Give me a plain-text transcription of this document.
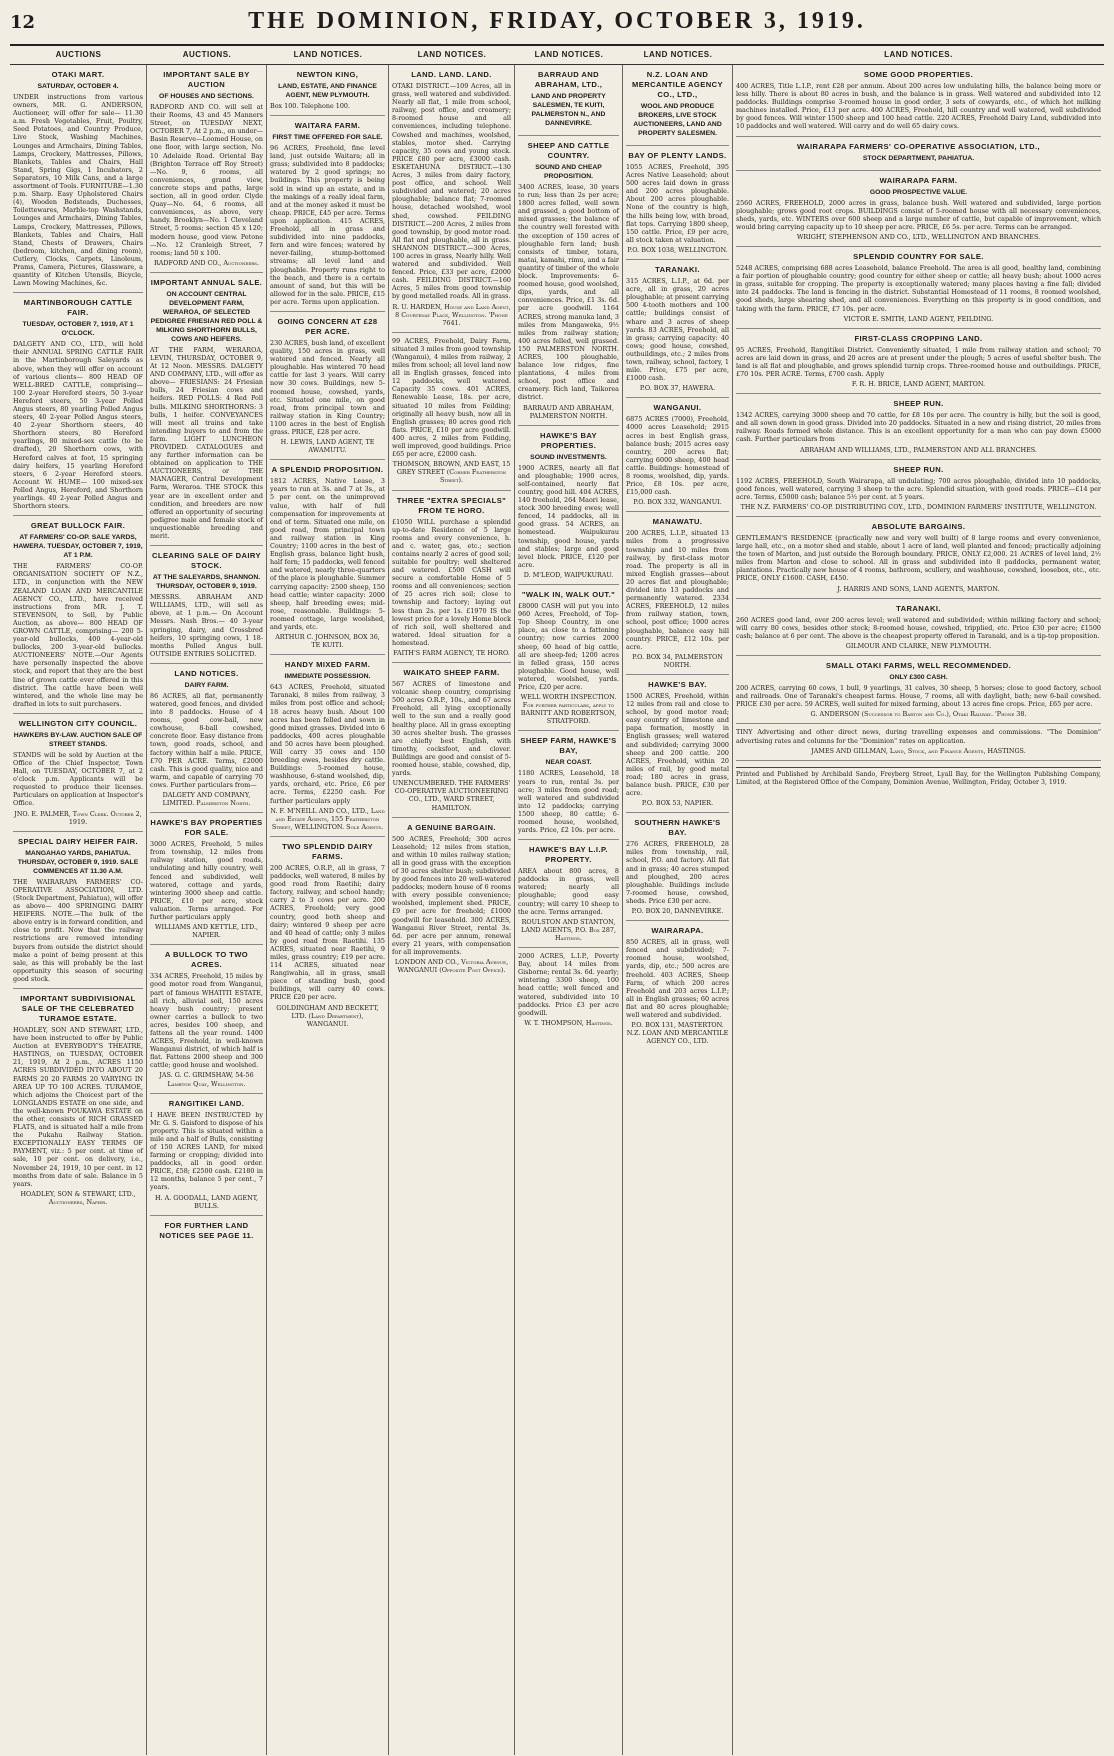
12	THE DOMINION, FRIDAY, OCTOBER 3, 1919.
AUCTIONS	AUCTIONS.	LAND NOTICES.	LAND NOTICES.	LAND NOTICES.	LAND NOTICES.	LAND NOTICES.
OTAKI MART.
SATURDAY, OCTOBER 4.

UNDER instructions from various owners, MR. G. ANDERSON, Auctioneer, will offer for sale— 11.30 a.m. Fresh Vegetables, Fruit, Poultry, Seed Potatoes, and Country Produce, Live Stock, Washing Machines, Lounges and Armchairs, Dining Tables, Lamps, Crockery, Mattresses, Pillows, Blankets, Tables and Chairs, Hall Stand, Spring Gigs, 1 Incubators, 2 Separators, 10 Milk Cans, and a large assortment of Tools. FURNITURE—1.30 p.m. Sharp. Easy Upholstered Chairs (4), Wooden Bedsteads, Duchesses, Toilettewares, Marble-top Washstands, Lounges and Armchairs, Dining Tables, Lamps, Crockery, Mattresses, Pillows, Blankets, Tables and Chairs, Hall Stand, Chests of Drawers, Chairs (bedroom, kitchen, and dining room), Cutlery, Clocks, Carpets, Linoleum, Prams, Camera, Pictures, Glassware, a quantity of Kitchen Utensils, Bicycle, Lawn Mowing Machines, &c.

MARTINBOROUGH CATTLE FAIR.
TUESDAY, OCTOBER 7, 1919, AT 1 O'CLOCK.

DALGETY AND CO., LTD., will hold their ANNUAL SPRING CATTLE FAIR in the Martinborough Saleyards as above, when they will offer on account of various clients— 800 HEAD OF WELL-BRED CATTLE, comprising— 100 2-year Hereford steers, 50 3-year Hereford steers, 50 3-year Polled Angus steers, 80 yearling Polled Angus steers, 40 2-year Polled Angus steers, 40 2-year Shorthorn steers, 40 Shorthorn steers, 80 Hereford yearlings, 80 mixed-sex cattle (to be drafted), 20 Shorthorn cows, with Hereford calves at foot, 15 springing dairy heifers, 15 yearling Hereford steers, 6 2-year Hereford steers. Account W. HUME— 100 mixed-sex Polled Angus, Hereford, and Shorthorn yearlings. 40 2-year Polled Angus and Shorthorn steers.

GREAT BULLOCK FAIR.
AT FARMERS' CO-OP. SALE YARDS, HAWERA. TUESDAY, OCTOBER 7, 1919, AT 1 P.M.

THE FARMERS' CO-OP. ORGANISATION SOCIETY OF N.Z., LTD., in conjunction with the NEW ZEALAND LOAN AND MERCANTILE AGENCY CO., LTD., have received instructions from MR. J. T. STEVENSON, to Sell, by Public Auction, as above— 800 HEAD OF GROWN CATTLE, comprising— 200 5-year-old bullocks, 400 4-year-old bullocks, 200 3-year-old bullocks. AUCTIONEERS' NOTE.—Our Agents have personally inspected the above stock, and report that they are the best line of grown cattle ever offered in this district. The cattle have been well wintered, and the whole line may be drafted in lots to suit purchasers.

WELLINGTON CITY COUNCIL.
HAWKERS BY-LAW. AUCTION SALE OF STREET STANDS.

STANDS will be sold by Auction at the Office of the Chief Inspector, Town Hall, on TUESDAY, OCTOBER 7, at 2 o'clock p.m. Applicants will be requested to produce their licenses. Particulars on application at Inspector's Office.

JNO. E. PALMER, Town Clerk. October 2, 1919.
SPECIAL DAIRY HEIFER FAIR.
MANGAHAO YARDS, PAHIATUA. THURSDAY, OCTOBER 9, 1919. SALE COMMENCES AT 11.30 A.M.

THE WAIRARAPA FARMERS' CO-OPERATIVE ASSOCIATION, LTD. (Stock Department, Pahiatua), will offer as above— 400 SPRINGING DAIRY HEIFERS. NOTE.—The bulk of the above entry is in forward condition, and close to profit. Now that the railway restrictions are removed intending buyers from outside the district should make a point of being present at this sale, as this will probably be the last opportunity this season of securing good stock.

IMPORTANT SUBDIVISIONAL SALE OF THE CELEBRATED TURAMOE ESTATE.

HOADLEY, SON AND STEWART, LTD., have been instructed to offer by Public Auction at EVERYBODY'S THEATRE, HASTINGS, on TUESDAY, OCTOBER 21, 1919, At 2 p.m., ACRES 1150 ACRES SUBDIVIDED INTO ABOUT 20 FARMS 20 20 FARMS 20 VARYING IN AREA UP TO 100 ACRES. TURAMOE, which adjoins the Choicest part of the LONGLANDS ESTATE on one side, and the well-known POUKAWA ESTATE on the other, consists of RICH GRASSED FLATS, and is situated half a mile from the Pukahu Railway Station. EXCEPTIONALLY EASY TERMS OF PAYMENT, viz.: 5 per cent. at time of sale, 10 per cent. on delivery, i.e., November 24, 1919, 10 per cent. in 12 months from date of sale. Balance in 5 years.

HOADLEY, SON & STEWART, LTD., Auctioneers, Napier.
IMPORTANT SALE BY AUCTION
OF HOUSES AND SECTIONS.

RADFORD AND CO. will sell at their Rooms, 43 and 45 Manners Street, on TUESDAY NEXT, OCTOBER 7, At 2 p.m., on under— Basin Reserve—Loomed House, on one floor, with large section, No. 10 Adelaide Road. Oriental Bay (Brighton Terrace off Roy Street)—No. 9, 6 rooms, all conveniences, grand view, concrete steps and paths, large section, all in good order. Clyde Quay—No. 64, 6 rooms, all conveniences, as above, very handy. Brooklyn—No. 1 Cleveland Street, 5 rooms; section 45 x 120; modern house, good view. Petone—No. 12 Cranleigh Street, 7 rooms; land 50 x 100.

RADFORD AND CO., Auctioneers.
IMPORTANT ANNUAL SALE.
ON ACCOUNT CENTRAL DEVELOPMENT FARM, WERAROA, OF SELECTED PEDIGREE FRIESIAN RED POLL & MILKING SHORTHORN BULLS, COWS AND HEIFERS.

AT THE FARM, WERAROA, LEVIN, THURSDAY, OCTOBER 9, At 12 Noon. MESSRS. DALGETY AND COMPANY, LTD., will offer as above— FRIESIANS: 24 Friesian bulls, 24 Friesian cows and heifers. RED POLLS: 4 Red Poll bulls. MILKING SHORTHORNS: 3 bulls, 1 heifer. CONVEYANCES will meet all trains and take intending buyers to and from the farm. LIGHT LUNCHEON PROVIDED. CATALOGUES and any further information can be obtained on application to THE AUCTIONEERS, or THE MANAGER, Central Development Farm, Weraroa. THE STOCK this year are in excellent order and condition, and breeders are now offered an opportunity of securing pedigree male and female stock of unquestionable breeding and merit.

CLEARING SALE OF DAIRY STOCK.
AT THE SALEYARDS, SHANNON. THURSDAY, OCTOBER 9, 1919.

MESSRS. ABRAHAM AND WILLIAMS, LTD., will sell as above, at 1 p.m.— On Account Messrs. Nash Bros.— 40 3-year springing, dairy, and Crossbred heifers, 10 springing cows, 1 18-months Polled Angus bull. OUTSIDE ENTRIES SOLICITED.

LAND NOTICES.
DAIRY FARM.

86 ACRES, all flat, permanently watered, good fences, and divided into 8 paddocks. House of 4 rooms, good cow-bail, new cowhouse, 8-ball cowshed, concrete floor. Easy distance from town, good roads, school, and factory within half a mile. PRICE, £70 PER ACRE. Terms, £2000 cash. This is good quality, nice and warm, and capable of carrying 70 cows. Further particulars from—

DALGETY AND COMPANY, LIMITED. Palmerston North.
HAWKE'S BAY PROPERTIES FOR SALE.

3000 ACRES, Freehold, 5 miles from township, 12 miles from railway station, good roads, undulating and hilly country, well fenced and subdivided, well watered, cottage and yards, wintering 3000 sheep and cattle. PRICE, £10 per acre, stock valuation. Terms arranged. For further particulars apply

WILLIAMS AND KETTLE, LTD., NAPIER.
A BULLOCK TO TWO ACRES.

334 ACRES, Freehold, 15 miles by good motor road from Wanganui, part of famous WHATITI ESTATE, all rich, alluvial soil, 150 acres heavy bush country; present owner carries a bullock to two acres, besides 100 sheep, and fattens all the year round. 1400 ACRES, Freehold, in well-known Wanganui district, of which half is flat. Fattens 2000 sheep and 300 cattle; good house and woolshed.

JAS. G. C. GRIMSHAW, 54-56 Lambton Quay, Wellington.
RANGITIKEI LAND.

I HAVE BEEN INSTRUCTED by Mr. G. S. Gaisford to dispose of his property. This is situated within a mile and a half of Bulls, consisting of 150 ACRES LAND, for mixed farming or cropping; divided into paddocks, all in good order. PRICE, £58; £2500 cash. £2180 in 12 months, balance 5 per cent., 7 years.

H. A. GOODALL, LAND AGENT, BULLS.
FOR FURTHER LAND NOTICES SEE PAGE 11.
NEWTON KING,
LAND, ESTATE, AND FINANCE AGENT, NEW PLYMOUTH.

Box 100. Telephone 100.

WAITARA FARM.
FIRST TIME OFFERED FOR SALE.

96 ACRES, Freehold, fine level land, just outside Waitara; all in grass; subdivided into 8 paddocks; watered by 2 good springs; no buildings. This property is being sold in wind up an estate, and in the makings of a really ideal farm, and at the money asked it must be cheap. PRICE, £45 per acre. Terms upon application. 415 ACRES, Freehold, all in grass and subdivided into nine paddocks, fern and wire fences; watered by never-failing, stump-bottomed streams; all level land and ploughable. Property runs right to the beach, and there is a certain amount of sand, but this will be allowed for in the sale. PRICE, £15 per acre. Terms upon application.

GOING CONCERN AT £28 PER ACRE.

230 ACRES, bush land, of excellent quality, 150 acres in grass, well watered and fenced. Nearly all ploughable. Has wintered 70 head cattle for last 3 years. Will carry now 30 cows. Buildings, new 5-roomed house, cowshed, yards, etc. Situated one mile, on good road, from principal town and railway station in King Country; 1100 acres in the best of English grass. PRICE, £28 per acre.

H. LEWIS, LAND AGENT, TE AWAMUTU.
A SPLENDID PROPOSITION.

1812 ACRES, Native Lease, 3 years to run at 3s. and 7 at 3s., at 5 per cent. on the unimproved value, with half of full compensation for improvements at end of term. Situated one mile, on good road, from principal town and railway station in King Country; 1100 acres in the best of English grass, balance light bush, half fern; 15 paddocks, well fenced and watered, nearly three-quarters of the place is ploughable. Summer carrying capacity: 2500 sheep, 150 head cattle; winter capacity: 2000 sheep, half breeding ewes; mid-rose, reasonable. Buildings: 5-roomed cottage, large woolshed, and yards, etc.

ARTHUR C. JOHNSON, BOX 36, TE KUITI.
HANDY MIXED FARM.
IMMEDIATE POSSESSION.

643 ACRES, Freehold, situated Taranaki, 8 miles from railway, 3 miles from post office and school; 18 acres heavy bush. About 100 acres has been felled and sown in good mixed grasses. Divided into 6 paddocks, 400 acres ploughable and 50 acres have been ploughed. Will carry 35 cows and 150 breeding ewes, besides dry cattle. Buildings: 5-roomed house, washhouse, 6-stand woolshed, dip, yards, orchard, etc. Price, £6 per acre. Terms, £2250 cash. For further particulars apply

N. F. M'NEILL AND CO., LTD., Land and Estate Agents, 155 Featherston Street, WELLINGTON. Sole Agents.
TWO SPLENDID DAIRY FARMS.

200 ACRES, O.R.P., all in grass, 7 paddocks, well watered, 8 miles by good road from Raetihi; dairy factory, railway, and school handy; carry 2 to 3 cows per acre. 200 ACRES, Freehold; very good country, good both sheep and dairy; wintered 9 sheep per acre and 40 head of cattle; only 3 miles by good road from Raetihi. 135 ACRES, situated near Raetihi, 9 miles, grass country; £19 per acre. 114 ACRES, situated near Rangiwahia, all in grass, small piece of standing bush, good buildings, will carry 40 cows. PRICE £20 per acre.

GOLDINGHAM AND BECKETT, LTD. (Land Department), WANGANUI.
LAND. LAND. LAND.

OTAKI DISTRICT.—109 Acres, all in grass, well watered and subdivided. Nearly all flat, 1 mile from school, railway, post office, and creamery; 8-roomed house and all conveniences, including telephone. Cowshed and machines, woolshed, stables, motor shed. Carrying capacity, 35 cows and young stock. PRICE £80 per acre, £3000 cash. ESKETAHUNA DISTRICT.—130 Acres, 3 miles from dairy factory, post office, and school. Well subdivided and watered; 20 acres ploughable; balance flat; 7-roomed house, detached woolshed, wool shed, cowshed. FEILDING DISTRICT.—200 Acres, 2 miles from good township, by good motor road. All flat and ploughable, all in grass. SHANNON DISTRICT.—300 Acres, 100 acres in grass, Nearly hilly. Well watered and subdivided. Well fenced. Price, £33 per acre, £2000 cash. FEILDING DISTRICT.—160 Acres, 5 miles from good township by good metalled roads. All in grass.

R. U. HARDEN, House and Land Agent, 8 Courtenay Place, Wellington. 'Phone 7641.

99 ACRES, Freehold, Dairy Farm, situated 3 miles from good township (Wanganui), 4 miles from railway, 2 miles from school; all level land now all in English grasses, fenced into 12 paddocks, well watered. Capacity 35 cows. 401 ACRES, Renewable Lease, 18s. per acre, situated 10 miles from Feilding; originally all heavy bush, now all in English grasses; 80 acres good rich flats. PRICE, £10 per acre goodwill. 400 acres, 2 miles from Feilding, well improved, good buildings. Price £65 per acre, £2000 cash.

THOMSON, BROWN, AND EAST, 15 GREY STREET (Corner Featherston Street).
THREE "EXTRA SPECIALS" FROM TE HORO.

£1050 WILL purchase a splendid up-to-date Residence of 5 large rooms and every convenience, h. and c. water, gas, etc.; section contains nearly 2 acres of good soil; suitable for poultry; well sheltered and watered. £500 CASH will secure a comfortable Home of 5 rooms and all conveniences; section of 25 acres rich soil; close to township and factory; laying out less than 2s. per 1s. £1970 IS the lowest price for a lovely Home block of rich soil, well sheltered and watered. Ideal situation for a homestead.

FAITH'S FARM AGENCY, TE HORO.
WAIKATO SHEEP FARM.

567 ACRES of limestone and volcanic sheep country, comprising 500 acres O.R.P., 10s., and 67 acres Freehold, all lying exceptionally well to the sun and a really good healthy place. All in grass excepting 30 acres shelter bush. The grasses are chiefly best English, with timothy, cocksfoot, and clover. Buildings are good and consist of 5-roomed house, stable, cowshed, dip, yards.

UNENCUMBERED. THE FARMERS' CO-OPERATIVE AUCTIONEERING CO., LTD., WARD STREET, HAMILTON.
A GENUINE BARGAIN.

500 ACRES, Freehold; 300 acres Leasehold; 12 miles from station, and within 10 miles railway station; all in good grass with the exception of 30 acres shelter bush; subdivided by good fences into 20 well-watered paddocks; modern house of 6 rooms with every possible convenience; woolshed, implement shed. PRICE, £9 per acre for freehold; £1000 goodwill for leasehold. 300 ACRES, Wanganui River Street, rental 3s. 6d. per acre per annum, renewal every 21 years, with compensation for all improvements.

LONDON AND CO., Victoria Avenue, WANGANUI (Opposite Post Office).
BARRAUD AND ABRAHAM, LTD.,
LAND AND PROPERTY SALESMEN, TE KUITI, PALMERSTON N., AND DANNEVIRKE.
SHEEP AND CATTLE COUNTRY.
SOUND AND CHEAP PROPOSITION.

3400 ACRES, lease, 30 years to run; less than 2s per acre; 1800 acres felled, well sown and grassed, a good bottom of mixed grasses; the balance of the country well forested with the exception of 150 acres of ploughable fern land; bush consists of timber, totara, matai, kamahi, rimu, and a fair quantity of timber of the whole block. Improvements: 6-roomed house, good woolshed, dips, yards, and all conveniences. Price, £1 3s. 6d. per acre goodwill. 1164 ACRES, strong manuka land, 3 miles from Mangaweka, 9½ miles from railway station; 400 acres felled, well grassed. 150 PALMERSTON NORTH. ACRES, 100 ploughable, balance low ridges, fine plantations, 4 miles from school, post office and creamery. Rich land, Taikorea district.

BARRAUD AND ABRAHAM, PALMERSTON NORTH.
HAWKE'S BAY PROPERTIES.
SOUND INVESTMENTS.

1900 ACRES, nearly all flat and ploughable; 1900 acres, self-contained, nearly flat country, good hill. 404 ACRES, 140 freehold, 264 Maori lease, stock 300 breeding ewes; well fenced, 14 paddocks, all in good grass. 54 ACRES, an homestead. Waipukurau township, good house, yards and stables; large and good level block. PRICE, £120 per acre.

D. M'LEOD, WAIPUKURAU.
"WALK IN, WALK OUT."

£8000 CASH will put you into 960 Acres, Freehold, of Top-Top Sheep Country, in one place, as close to a fattening country; now carries 2000 sheep, 60 head of big cattle, all are sheep-fed; 1200 acres in felled grass, 150 acres ploughable. Good house, well watered, woolshed, yards. Price, £20 per acre.

WELL WORTH INSPECTION. For further particulars, apply to BARNITT AND ROBERTSON, STRATFORD.
SHEEP FARM, HAWKE'S BAY,
NEAR COAST.

1180 ACRES, Leasehold, 18 years to run, rental 3s. per acre; 3 miles from good road; well watered and subdivided into 12 paddocks; carrying 1500 sheep, 80 cattle; 6-roomed house, woolshed, yards. Price, £2 10s. per acre.

HAWKE'S BAY L.I.P. PROPERTY.

AREA about 800 acres, 8 paddocks in grass, well watered; nearly all ploughable; good easy country; will carry 10 sheep to the acre. Terms arranged.

ROULSTON AND STANTON, LAND AGENTS, P.O. Box 287, Hastings.

2000 ACRES, L.I.P., Poverty Bay, about 14 miles from Gisborne; rental 3s. 6d. yearly; wintering 3300 sheep, 100 head cattle; well fenced and watered, subdivided into 10 paddocks. Price £3 per acre goodwill.

W. T. THOMPSON, Hastings.
N.Z. LOAN AND MERCANTILE AGENCY CO., LTD.,
WOOL AND PRODUCE BROKERS, LIVE STOCK AUCTIONEERS, LAND AND PROPERTY SALESMEN.
BAY OF PLENTY LANDS.

1055 ACRES, Freehold, 395 Acres Native Leasehold; about 500 acres laid down in grass and 200 acres ploughable. About 200 acres ploughable. None of the country is high, the hills being low, with broad, flat tops. Carrying 1800 sheep, 150 cattle. Price, £9 per acre, all stock taken at valuation.

P.O. BOX 1038, WELLINGTON.
TARANAKI.

315 ACRES, L.I.P., at 6d. per acre, all in grass, 20 acres ploughable; at present carrying 500 4-tooth mothers and 100 cattle; buildings consist of whare and 3 acres of sheep yards. 83 ACRES, Freehold, all in grass; carrying capacity: 40 cows; good house, cowshed, outbuildings, etc.; 2 miles from town, railway, school, factory, 1 mile. Price, £75 per acre, £1000 cash.

P.O. BOX 37, HAWERA.
WANGANUI.

6875 ACRES (7000), Freehold, 4000 acres Leasehold; 2915 acres in best English grass, balance bush; 2015 acres easy country, 200 acres flat; carrying 6000 sheep, 400 head cattle. Buildings: homestead of 8 rooms, woolshed, dip, yards. Price, £8 10s. per acre, £15,000 cash.

P.O. BOX 332, WANGANUI.
MANAWATU.

200 ACRES, L.I.P., situated 13 miles from a progressive township and 10 miles from railway, by first-class motor road. The property is all in mixed English grasses—about 20 acres flat and ploughable; divided into 13 paddocks and permanently watered. 2334 ACRES, FREEHOLD, 12 miles from railway station, town, school, post office; 1000 acres ploughable, balance easy hill country. PRICE, £12 10s. per acre.

P.O. BOX 34, PALMERSTON NORTH.
HAWKE'S BAY.

1500 ACRES, Freehold, within 12 miles from rail and close to school, by good motor road; easy country of limestone and papa formation, mostly in English grasses; well watered and subdivided; carrying 3000 sheep and 200 cattle. 200 ACRES, Freehold, within 20 miles of rail, by good metal road; 180 acres in grass, balance bush. PRICE, £30 per acre.

P.O. BOX 53, NAPIER.
SOUTHERN HAWKE'S BAY.

276 ACRES, FREEHOLD, 28 miles from township, rail, school, P.O. and factory. All flat and in grass; 40 acres stumped and ploughed, 200 acres ploughable. Buildings include 7-roomed house, cowshed, sheds. Price £30 per acre.

P.O. BOX 20, DANNEVIRKE.
WAIRARAPA.

850 ACRES, all in grass, well fenced and subdivided; 7-roomed house, woolshed, yards, dip, etc.; 500 acres are freehold. 403 ACRES, Sheep Farm, of which 200 acres Freehold and 203 acres L.I.P.; all in English grasses; 60 acres flat and 80 acres ploughable; well watered and subdivided.

P.O. BOX 131, MASTERTON. N.Z. LOAN AND MERCANTILE AGENCY CO., LTD.
SOME GOOD PROPERTIES.

400 ACRES, Title L.I.P., rent £28 per annum. About 200 acres low undulating hills, the balance being more or less hilly. There is about 80 acres in bush, and the balance is in grass. Well watered and subdivided into 12 paddocks. Buildings comprise 3-roomed house in good order, 3 sets of cowyards, etc., of which hot milking machines installed. Price, £13 per acre. 400 ACRES, Freehold, hill country and well watered, well subdivided by good fences. Will winter 1500 sheep and 100 head cattle. 220 ACRES, Freehold Dairy Land, subdivided into 10 paddocks and well watered. Will carry and do well 65 dairy cows.

WAIRARAPA FARMERS' CO-OPERATIVE ASSOCIATION, LTD.,
STOCK DEPARTMENT, PAHIATUA.
WAIRARAPA FARM.
GOOD PROSPECTIVE VALUE.

2560 ACRES, FREEHOLD, 2000 acres in grass, balance bush. Well watered and subdivided, large portion ploughable; grows good root crops. BUILDINGS consist of 5-roomed house with all necessary conveniences, sheds, yards, etc. WINTERS over 600 sheep and a large number of cattle, but capable of improvement, which would bring carrying capacity up to 10 sheep per acre. PRICE, £6 5s. per acre. Terms can be arranged.

WRIGHT, STEPHENSON AND CO., LTD., WELLINGTON AND BRANCHES.
SPLENDID COUNTRY FOR SALE.

5248 ACRES, comprising 688 acres Leasehold, balance Freehold. The area is all good, healthy land, combining a fair portion of ploughable country; good country for either sheep or cattle; all heavy bush; about 1000 acres in grass, suitable for cropping. The property is exceptionally watered; many places having a fine fall; divided into 24 paddocks. The land is fencing in the district. Substantial Homestead of 11 rooms, 8 roomed woolshed, good sheds, large shearing shed, and all conveniences. Everything on this property is in good condition, and taking with the farm. PRICE, £7 10s. per acre.

VICTOR E. SMITH, LAND AGENT, FEILDING.
FIRST-CLASS CROPPING LAND.

95 ACRES, Freehold, Rangitikei District. Conveniently situated, 1 mile from railway station and school; 70 acres are laid down in grass, and 20 acres are at present under the plough; 5 acres of useful shelter bush. The land is all flat and ploughable, and grows splendid turnip crops. Three-roomed house and outbuildings. PRICE, £70 10s. PER ACRE. Terms, £700 cash. Apply

F. R. H. BRICE, LAND AGENT, MARTON.
SHEEP RUN.

1342 ACRES, carrying 3000 sheep and 70 cattle, for £8 10s per acre. The country is hilly, but the soil is good, and all sown down in good grass. Divided into 20 paddocks. Situated in a new and rising district, 20 miles from railway. Roads formed whole distance. This is an excellent opportunity for a man who can pay down £5000 cash. Further particulars from

ABRAHAM AND WILLIAMS, LTD., PALMERSTON AND ALL BRANCHES.
SHEEP RUN.

1192 ACRES, FREEHOLD, South Wairarapa, all undulating; 700 acres ploughable, divided into 10 paddocks, good fences, well watered, carrying 3 sheep to the acre. Splendid situation, with good roads. PRICE—£14 per acre. Terms, £5000 cash; balance 5½ per cent. at 5 years.

THE N.Z. FARMERS' CO-OP. DISTRIBUTING COY., LTD., DOMINION FARMERS' INSTITUTE, WELLINGTON.
ABSOLUTE BARGAINS.

GENTLEMAN'S RESIDENCE (practically new and very well built) of 8 large rooms and every convenience, large hall, etc., on a motor shed and stable, about 1 acre of land, well planted and fenced; practically adjoining the town of Marton, and just outside the Borough boundary. PRICE, ONLY £2,000. 21 ACRES of level land, 2½ miles from Marton and close to school. All in grass and subdivided into 8 paddocks, permanent water, plantations. Practically new house of 4 rooms, bathroom, scullery, and washhouse, cowshed, loosebox, etc., etc. PRICE, ONLY £1600. CASH, £450.

J. HARRIS AND SONS, LAND AGENTS, MARTON.
TARANAKI.

260 ACRES good land, over 200 acres level; well watered and subdivided; within milking factory and school; will carry 80 cows, besides other stock; 8-roomed house, cowshed, tripplied, etc. Price £30 per acre; £1500 cash; balance at 6 per cent. The above is the cheapest property offered in Taranaki, and is a tip-top proposition.

GILMOUR AND CLARKE, NEW PLYMOUTH.
SMALL OTAKI FARMS, WELL RECOMMENDED.
ONLY £300 CASH.

200 ACRES, carrying 60 cows, 1 bull, 9 yearlings, 31 calves, 30 sheep, 5 horses; close to good factory, school and railroads. One of Taranaki's cheapest farms. House, 7 rooms, all with daylight, bath; new 6-bail cowshed. PRICE £30 per acre. 59 ACRES, well suited for mixed farming, about 13 acres fine crops. Price, £65 per acre.

G. ANDERSON (Successor to Barton and Co.), Otaki Railway. 'Phone 38.

TINY Advertising and other direct news, during travelling expenses and commissions. "The Dominion" advertising rates and columns for the "Dominion" rates on application.

JAMES AND GILLMAN, Land, Stock, and Finance Agents, HASTINGS.
Printed and Published by Archibald Sando, Freyberg Street, Lyall Bay, for the Wellington Publishing Company, Limited, at the Registered Office of the Company, Dominion Avenue, Wellington, Friday, October 3, 1919.
